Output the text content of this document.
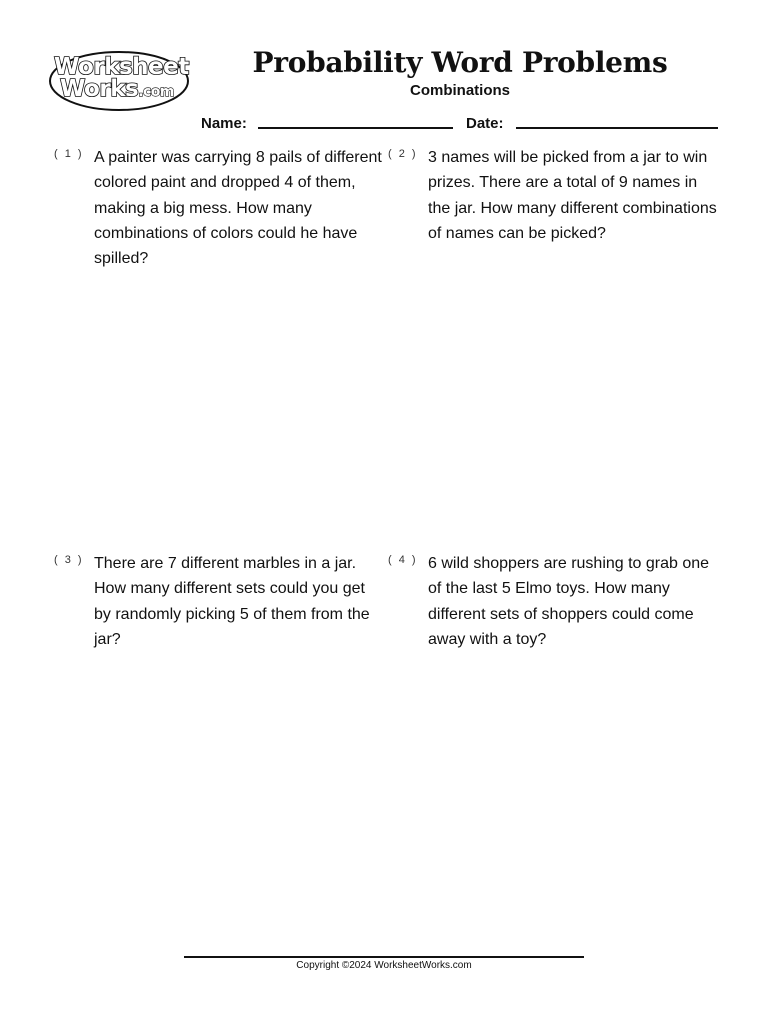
Worksheet
Works.com
Probability Word Problems
Combinations
Name:	Date:
( 1 ) A painter was carrying 8 pails of different colored paint and dropped 4 of them, making a big mess. How many combinations of colors could he have spilled?
( 2 ) 3 names will be picked from a jar to win prizes. There are a total of 9 names in the jar. How many different combinations of names can be picked?
( 3 ) There are 7 different marbles in a jar. How many different sets could you get by randomly picking 5 of them from the jar?
( 4 ) 6 wild shoppers are rushing to grab one of the last 5 Elmo toys. How many different sets of shoppers could come away with a toy?
Copyright ©2024 WorksheetWorks.com
